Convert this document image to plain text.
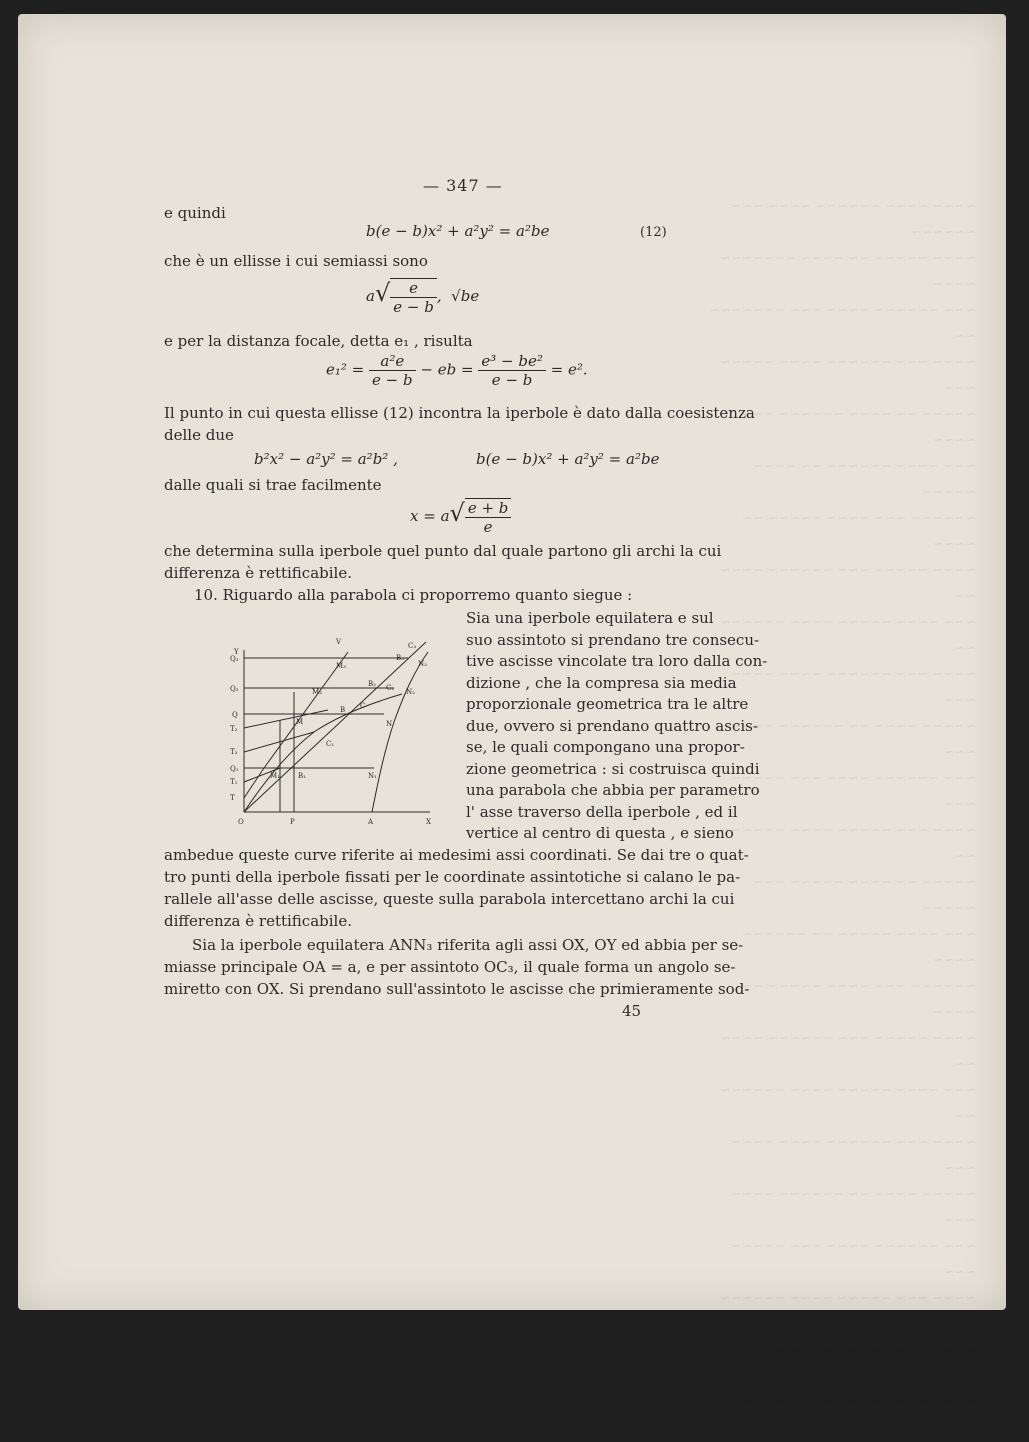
~~~~ ~~~~ ~~~~~~ ~~~~ ~~~ ~~~~~~
~~~~ ~~~~~ ~~ ~~~~ ~~~~~~~ ~~~~
~~~ ~~~~~~ ~~~~ ~~~ ~~~~~~~ ~~
~~~~ ~~~ ~~~~~~ ~~~~ ~~~~~ ~~~
~~~~~ ~~ ~~~~ ~~~~~~ ~~~ ~~~~
~~~ ~~~~ ~~~~~~ ~~ ~~~~ ~~~~~
~~~~~~ ~~~ ~~~~ ~~~~~ ~~ ~~~~
~~~~ ~~~~~ ~~~ ~~~~~~ ~~~~ ~~
~~~ ~~~~ ~~~~~ ~~~~ ~~~~~~ ~~
~~~~ ~~~ ~~~~~~ ~~~~ ~~~~ ~~~
~~~~~ ~~~~ ~~ ~~~~~~ ~~~~ ~~~
~~~ ~~~~~~ ~~~~ ~~~ ~~~~~ ~~~
~~~~ ~~~ ~~~~~ ~~~~ ~~~~~~ ~~
~~~~~ ~~ ~~~~ ~~~~~ ~~~ ~~~~~
~~~ ~~~~ ~~~~~ ~~ ~~~~~~ ~~~~
~~~~~~ ~~~ ~~~~ ~~~~~ ~~ ~~~~
~~~~ ~~~~~ ~~~ ~~~~~~ ~~~~ ~~
~~~ ~~~~ ~~~~~ ~~~~ ~~~~~~ ~~
~~~~ ~~~ ~~~~~~ ~~~~ ~~~~ ~~~
~~~~~ ~~~~ ~~ ~~~~~~ ~~~~ ~~~
~~~ ~~~~~~ ~~~~ ~~~ ~~~~~ ~~~
~~~~ ~~~ ~~~~~ ~~~~ ~~~~~~ ~~
~~~~~ ~~ ~~~~ ~~~~~ ~~~ ~~~~~
~~~ ~~~~ ~~~~~ ~~ ~~~~~~ ~~~~
— 347 —
e quindi
b(e − b)x² + a²y² = a²be	(12)
che è un ellisse i cui semiassi sono
$a√ \frac{e}{e - b}$ , √be
e per la distanza focale, detta e₁ , risulta
$e_1^2 = \frac{\text{a²e}}{e - b}$ − eb = $\frac{\text{e³ − be²}}{e - b} = e^2$.
Il punto in cui questa ellisse (12) incontra la iperbole è dato dalla coesistenza
delle due
b²x² − a²y² = a²b² ,	b(e − b)x² + a²y² = a²be
dalle quali si trae facilmente
$x = a√ \frac{e + b}{e}$
che determina sulla iperbole quel punto dal quale partono gli archi la cui
differenza è rettificabile.
10. Riguardo alla parabola ci proporremo quanto siegue :
Sia una iperbole equilatera e sul
suo assintoto si prendano tre consecu-
tive ascisse vincolate tra loro dalla con-
dizione , che la compresa sia media
proporzionale geometrica tra le altre
due, ovvero si prendano quattro ascis-
se, le quali compongano una propor-
zione geometrica : si costruisca quindi
una parabola che abbia per parametro
l' asse traverso della iperbole , ed il
vertice al centro di questa , e sieno
V
Y
Q₃
Q₂
Q
T₂
T₃
Q₁
T₁
T
O	P	A	X
C₃
B₃
N₃
M₃
B₂ C₂ N₂
M₂
B C
N
M
C₁
M₁	B₁	N₁
ambedue queste curve riferite ai medesimi assi coordinati. Se dai tre o quat-
tro punti della iperbole fissati per le coordinate assintotiche si calano le pa-
rallele all'asse delle ascisse, queste sulla parabola intercettano archi la cui
differenza è rettificabile.
Sia la iperbole equilatera ANN₃ riferita agli assi OX, OY ed abbia per se-
miasse principale OA = a, e per assintoto OC₃, il quale forma un angolo se-
miretto con OX. Si prendano sull'assintoto le ascisse che primieramente sod-
45
